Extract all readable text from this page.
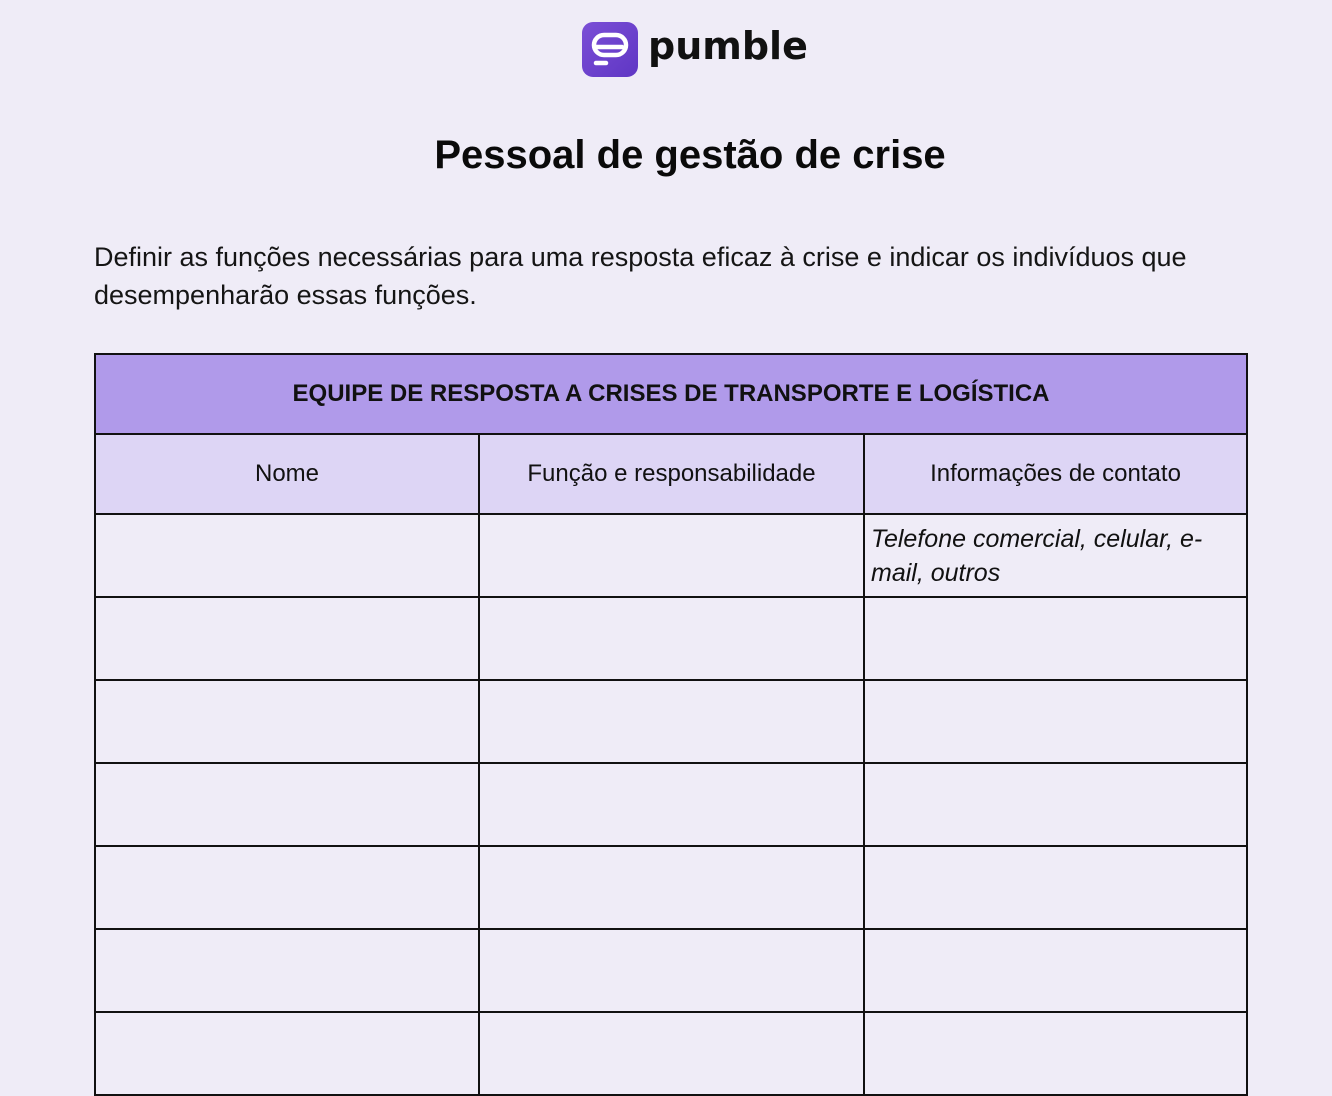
pumble
Pessoal de gestão de crise

Definir as funções necessárias para uma resposta eficaz à crise e indicar os indivíduos que desempenharão essas funções.

EQUIPE DE RESPOSTA A CRISES DE TRANSPORTE E LOGÍSTICA		
Nome	Função e responsabilidade	Informações de contato

		Telefone comercial, celular, e-mail, outros
